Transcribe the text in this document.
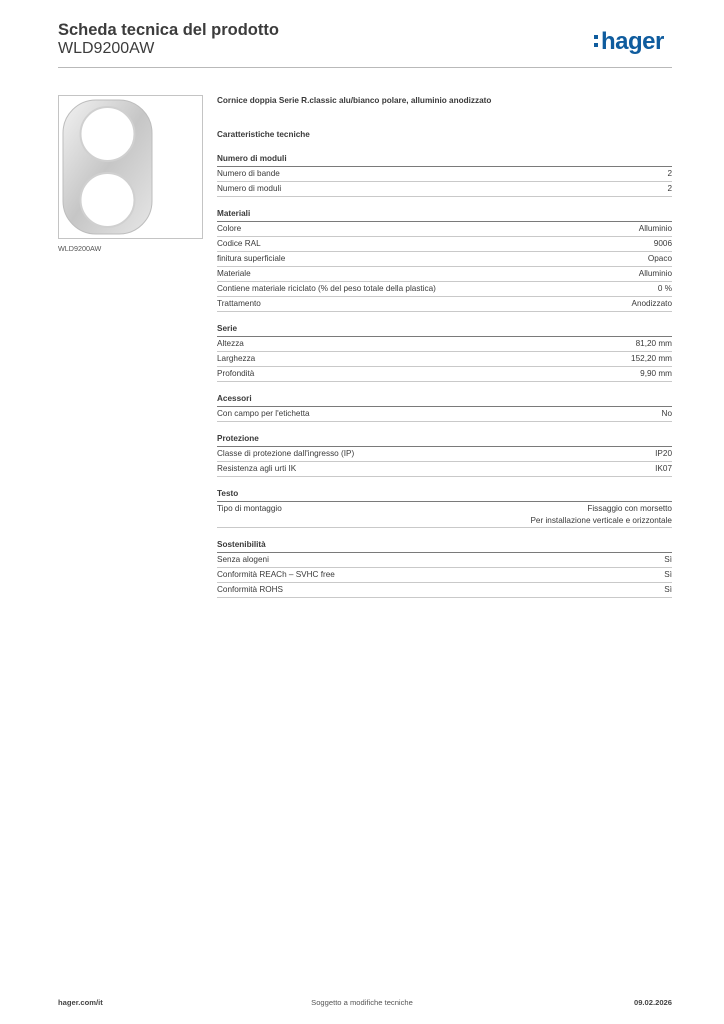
Scheda tecnica del prodotto
WLD9200AW	hager
WLD9200AW
Cornice doppia Serie R.classic alu/bianco polare, alluminio anodizzato
Caratteristiche tecniche
Numero di moduli
Numero di bande	2
Numero di moduli	2
Materiali
Colore	Alluminio
Codice RAL	9006
finitura superficiale	Opaco
Materiale	Alluminio
Contiene materiale riciclato (% del peso totale della plastica)	0 %
Trattamento	Anodizzato
Serie
Altezza	81,20 mm
Larghezza	152,20 mm
Profondità	9,90 mm
Acessori
Con campo per l'etichetta	No
Protezione
Classe di protezione dall'ingresso (IP)	IP20
Resistenza agli urti IK	IK07
Testo
Tipo di montaggio	Fissaggio con morsetto
Per installazione verticale e orizzontale
Sostenibilità
Senza alogeni	Sì
Conformità REACh – SVHC free	Sì
Conformità ROHS	Sì
hager.com/it	Soggetto a modifiche tecniche	09.02.2026
